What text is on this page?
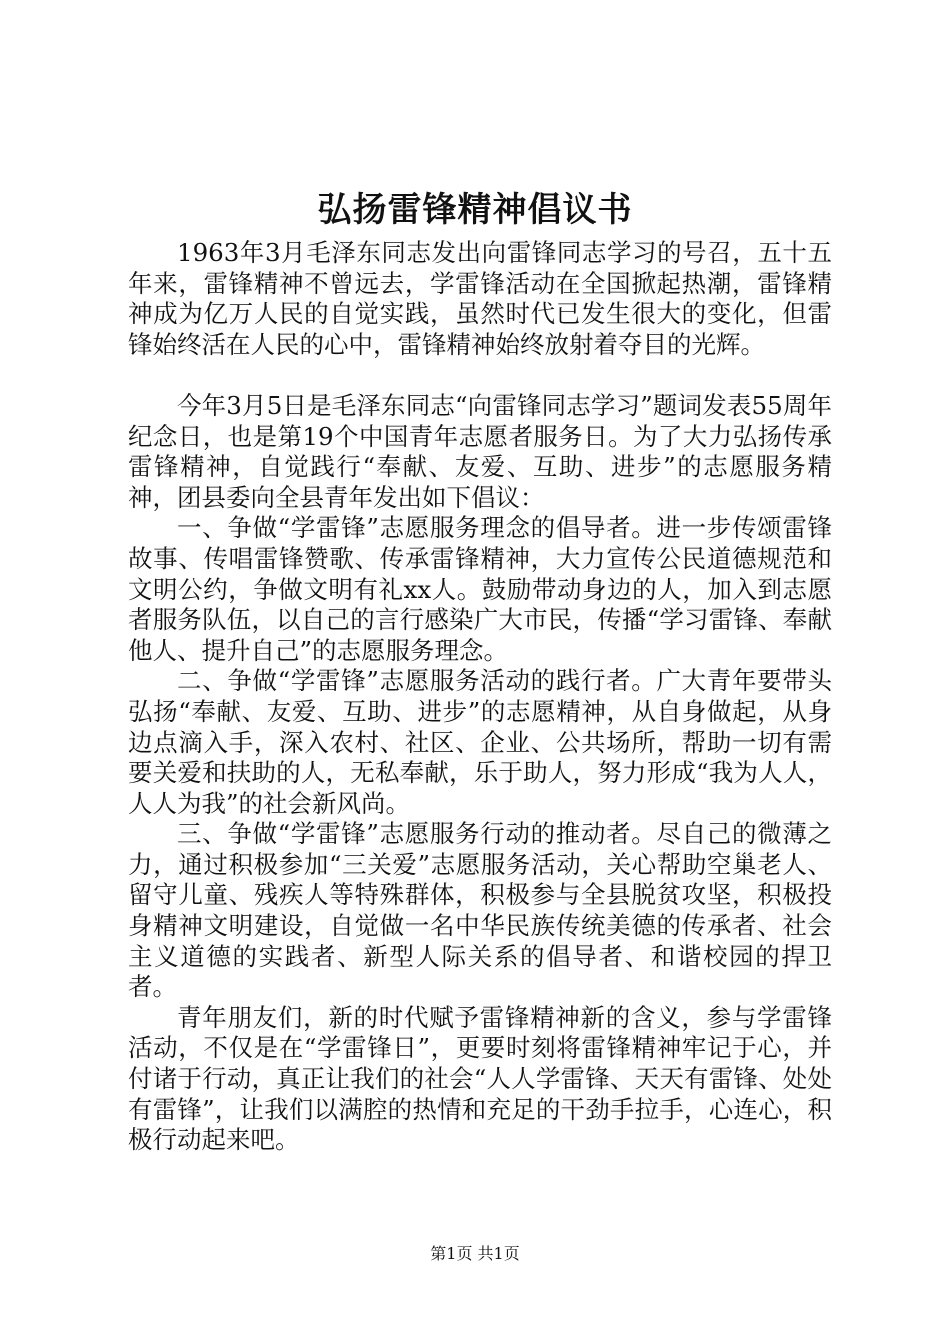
弘扬雷锋精神倡议书

1963年3月毛泽东同志发出向雷锋同志学习的号召，五十五年来，雷锋精神不曾远去，学雷锋活动在全国掀起热潮，雷锋精神成为亿万人民的自觉实践，虽然时代已发生很大的变化，但雷锋始终活在人民的心中，雷锋精神始终放射着夺目的光辉。

今年3月5日是毛泽东同志“向雷锋同志学习”题词发表55周年纪念日，也是第19个中国青年志愿者服务日。为了大力弘扬传承雷锋精神，自觉践行“奉献、友爱、互助、进步”的志愿服务精神，团县委向全县青年发出如下倡议：

一、争做“学雷锋”志愿服务理念的倡导者。进一步传颂雷锋故事、传唱雷锋赞歌、传承雷锋精神，大力宣传公民道德规范和文明公约，争做文明有礼xx人。鼓励带动身边的人，加入到志愿者服务队伍，以自己的言行感染广大市民，传播“学习雷锋、奉献他人、提升自己”的志愿服务理念。

二、争做“学雷锋”志愿服务活动的践行者。广大青年要带头弘扬“奉献、友爱、互助、进步”的志愿精神，从自身做起，从身边点滴入手，深入农村、社区、企业、公共场所，帮助一切有需要关爱和扶助的人，无私奉献，乐于助人，努力形成“我为人人，人人为我”的社会新风尚。

三、争做“学雷锋”志愿服务行动的推动者。尽自己的微薄之力，通过积极参加“三关爱”志愿服务活动，关心帮助空巢老人、留守儿童、残疾人等特殊群体，积极参与全县脱贫攻坚，积极投身精神文明建设，自觉做一名中华民族传统美德的传承者、社会主义道德的实践者、新型人际关系的倡导者、和谐校园的捍卫者。

青年朋友们，新的时代赋予雷锋精神新的含义，参与学雷锋活动，不仅是在“学雷锋日”，更要时刻将雷锋精神牢记于心，并付诸于行动，真正让我们的社会“人人学雷锋、天天有雷锋、处处有雷锋”，让我们以满腔的热情和充足的干劲手拉手，心连心，积极行动起来吧。

第1页 共1页
